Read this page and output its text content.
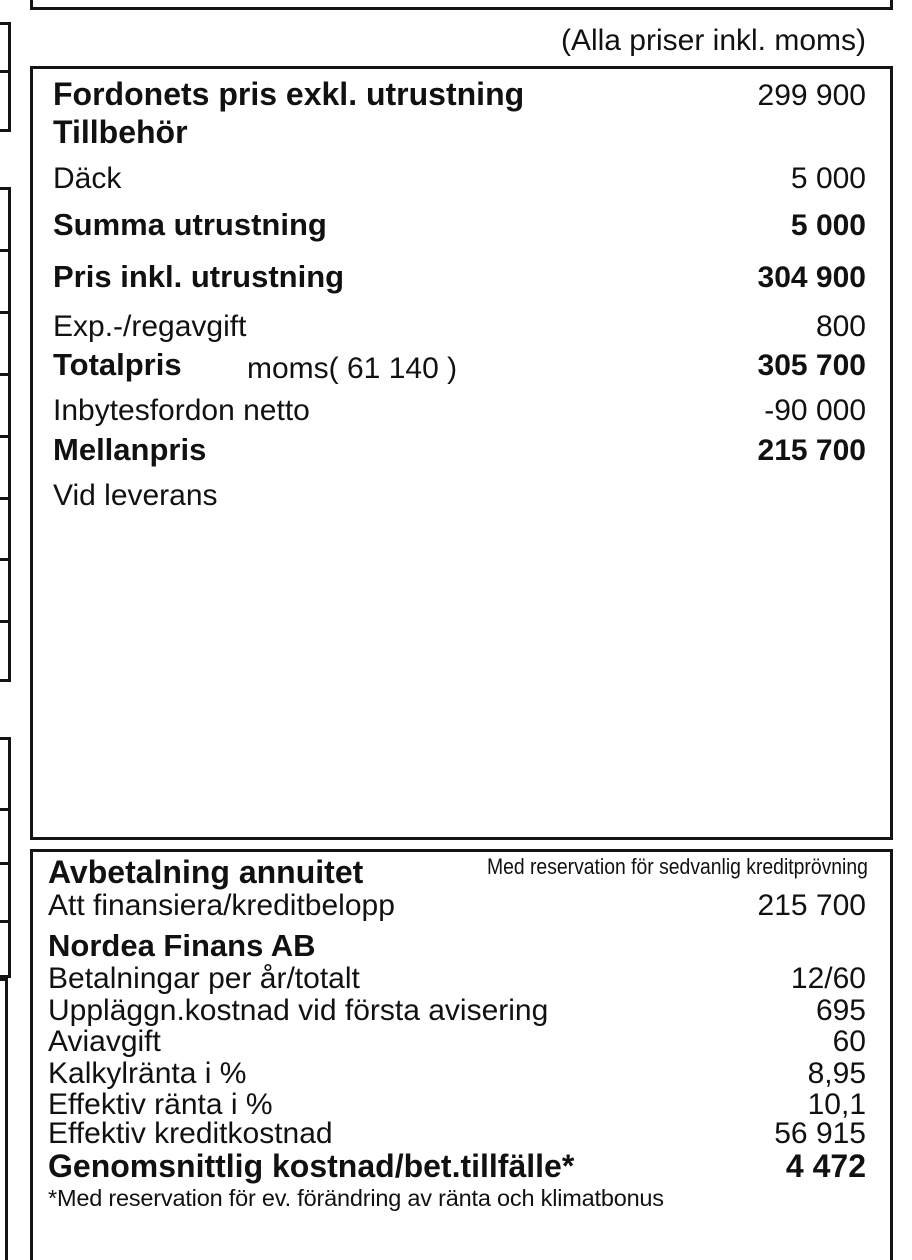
(Alla priser inkl. moms)
Fordonets pris exkl. utrustning	299 900
Tillbehör
Däck	5 000
Summa utrustning	5 000
Pris inkl. utrustning	304 900
Exp.-/regavgift	800
Totalpris moms( 61 140 )	305 700
Inbytesfordon netto	-90 000
Mellanpris	215 700
Vid leverans
Avbetalning annuitet	Med reservation för sedvanlig kreditprövning
Att finansiera/kreditbelopp	215 700
Nordea Finans AB
Betalningar per år/totalt	12/60
Uppläggn.kostnad vid första avisering	695
Aviavgift	60
Kalkylränta i %	8,95
Effektiv ränta i %	10,1
Effektiv kreditkostnad	56 915
Genomsnittlig kostnad/bet.tillfälle*	4 472
*Med reservation för ev. förändring av ränta och klimatbonus
